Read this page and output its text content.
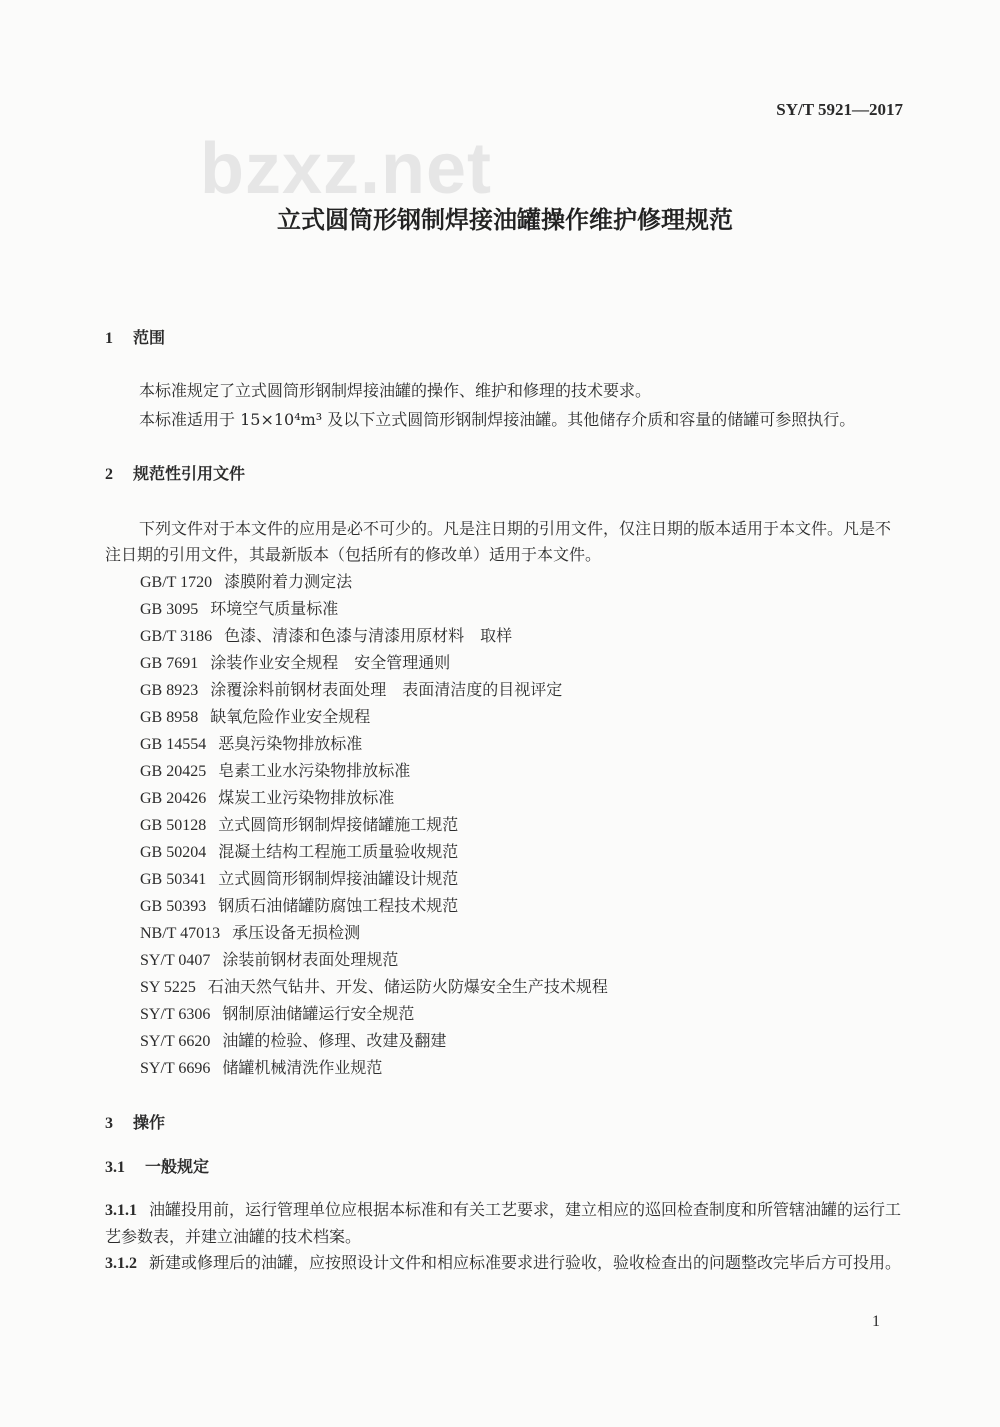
SY/T 5921—2017
bzxz.net
立式圆筒形钢制焊接油罐操作维护修理规范
1 范围
本标准规定了立式圆筒形钢制焊接油罐的操作、维护和修理的技术要求。
本标准适用于 15×10⁴m³ 及以下立式圆筒形钢制焊接油罐。其他储存介质和容量的储罐可参照执行。
2 规范性引用文件
下列文件对于本文件的应用是必不可少的。凡是注日期的引用文件，仅注日期的版本适用于本文件。凡是不注日期的引用文件，其最新版本（包括所有的修改单）适用于本文件。
GB/T 1720 漆膜附着力测定法
GB 3095 环境空气质量标准
GB/T 3186 色漆、清漆和色漆与清漆用原材料　取样
GB 7691 涂装作业安全规程　安全管理通则
GB 8923 涂覆涂料前钢材表面处理　表面清洁度的目视评定
GB 8958 缺氧危险作业安全规程
GB 14554 恶臭污染物排放标准
GB 20425 皂素工业水污染物排放标准
GB 20426 煤炭工业污染物排放标准
GB 50128 立式圆筒形钢制焊接储罐施工规范
GB 50204 混凝土结构工程施工质量验收规范
GB 50341 立式圆筒形钢制焊接油罐设计规范
GB 50393 钢质石油储罐防腐蚀工程技术规范
NB/T 47013 承压设备无损检测
SY/T 0407 涂装前钢材表面处理规范
SY 5225 石油天然气钻井、开发、储运防火防爆安全生产技术规程
SY/T 6306 钢制原油储罐运行安全规范
SY/T 6620 油罐的检验、修理、改建及翻建
SY/T 6696 储罐机械清洗作业规范
3 操作
3.1 一般规定
3.1.1 油罐投用前，运行管理单位应根据本标准和有关工艺要求，建立相应的巡回检查制度和所管辖油罐的运行工艺参数表，并建立油罐的技术档案。
3.1.2 新建或修理后的油罐，应按照设计文件和相应标准要求进行验收，验收检查出的问题整改完毕后方可投用。
1
